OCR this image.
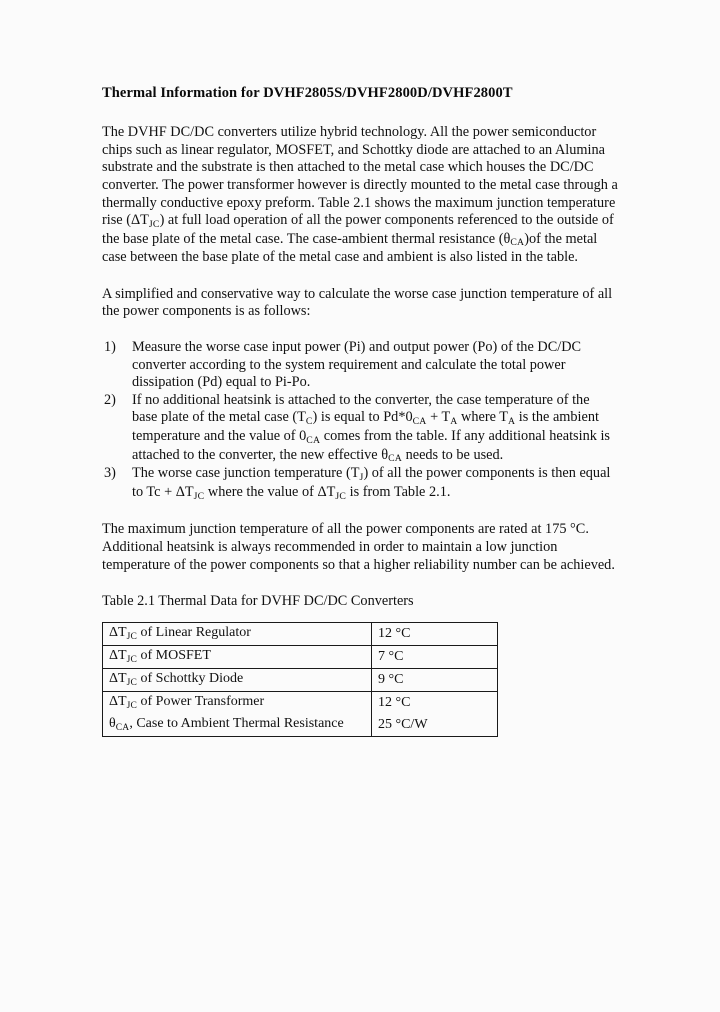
Thermal Information for DVHF2805S/DVHF2800D/DVHF2800T

The DVHF DC/DC converters utilize hybrid technology. All the power semiconductor chips such as linear regulator, MOSFET, and Schottky diode are attached to an Alumina substrate and the substrate is then attached to the metal case which houses the DC/DC converter. The power transformer however is directly mounted to the metal case through a thermally conductive epoxy preform. Table 2.1 shows the maximum junction temperature rise $(\Delta T_{JC})$ at full load operation of all the power components referenced to the outside of the base plate of the metal case. The case-ambient thermal resistance $(\theta_{CA})of$ the metal case between the base plate of the metal case and ambient is also listed in the table.

A simplified and conservative way to calculate the worse case junction temperature of all the power components is as follows:

1)	Measure the worse case input power (Pi) and output power (Po) of the DC/DC converter according to the system requirement and calculate the total power dissipation (Pd) equal to Pi-Po.
2)	If no additional heatsink is attached to the converter, the case temperature of the base plate of the metal case $(T_C)$ is equal to $Pd*0_{CA} + T_A$ where $T_A$ is the ambient temperature and the value of $0_{CA}$ comes from the table. If any additional heatsink is attached to the converter, the new effective $\theta_{CA}$ needs to be used.
3)	The worse case junction temperature $(T_J)$ of all the power components is then equal to $Tc + \Delta T_{JC}$ where the value of $\Delta T_{JC}$ is from Table 2.1.

The maximum junction temperature of all the power components are rated at 175 °C. Additional heatsink is always recommended in order to maintain a low junction temperature of the power components so that a higher reliability number can be achieved.

Table 2.1 Thermal Data for DVHF DC/DC Converters

$\Delta T_{JC}$ of Linear Regulator	12 °C
$\Delta T_{JC}$ of MOSFET	7 °C
$\Delta T_{JC}$ of Schottky Diode	9 °C
$\Delta T_{JC}$ of Power Transformer	12 °C
$\theta_{CA}$, Case to Ambient Thermal Resistance	25 °C/W
